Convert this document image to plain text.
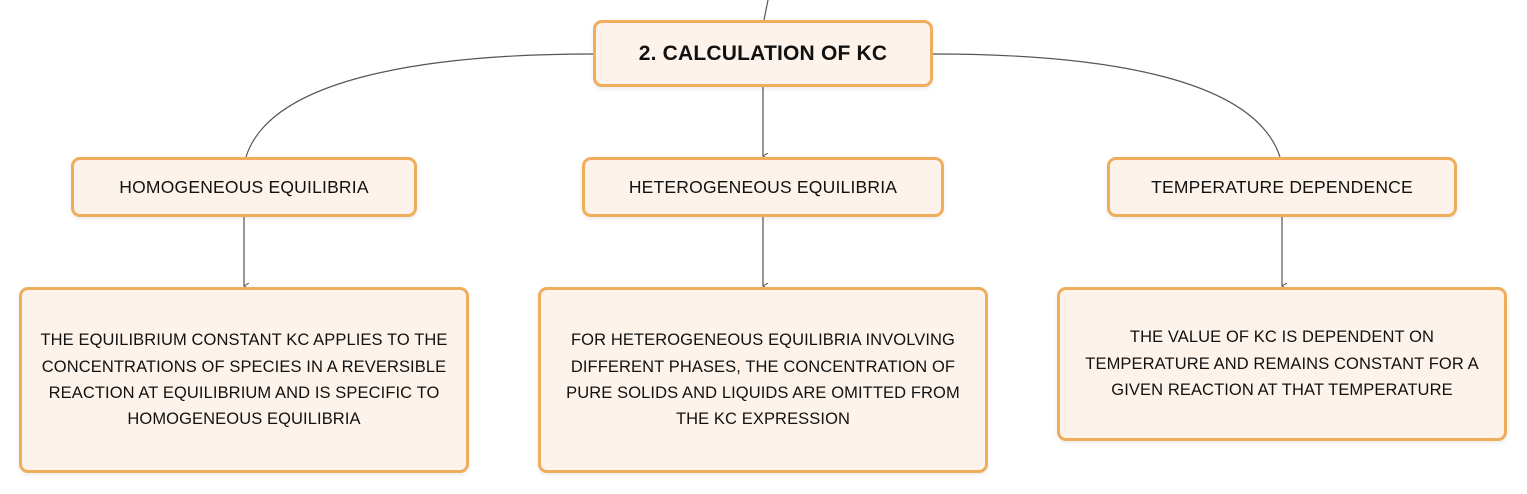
2. CALCULATION OF KC
HOMOGENEOUS EQUILIBRIA	HETEROGENEOUS EQUILIBRIA	TEMPERATURE DEPENDENCE
THE EQUILIBRIUM CONSTANT KC APPLIES TO THE CONCENTRATIONS OF SPECIES IN A REVERSIBLE REACTION AT EQUILIBRIUM AND IS SPECIFIC TO HOMOGENEOUS EQUILIBRIA
FOR HETEROGENEOUS EQUILIBRIA INVOLVING DIFFERENT PHASES, THE CONCENTRATION OF PURE SOLIDS AND LIQUIDS ARE OMITTED FROM THE KC EXPRESSION
THE VALUE OF KC IS DEPENDENT ON TEMPERATURE AND REMAINS CONSTANT FOR A GIVEN REACTION AT THAT TEMPERATURE
